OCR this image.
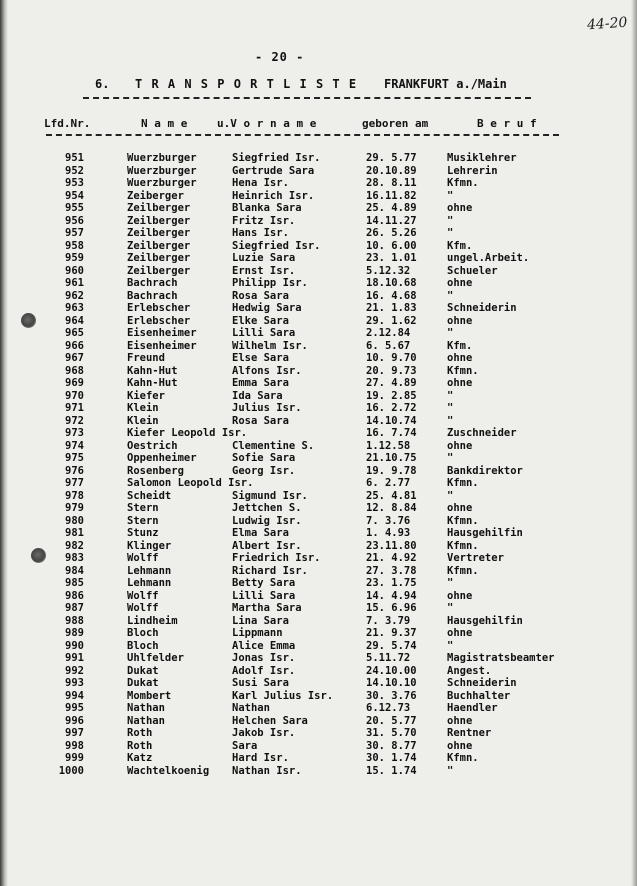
44-20
- 20 -
6. T R A N S P O R T L I S T E FRANKFURT a./Main
Lfd.Nr.	N a m e	u.V o r n a m e	geboren am	B e r u f
951	Wuerzburger	Siegfried Isr.	29. 5.77	Musiklehrer
952	Wuerzburger	Gertrude Sara	20.10.89	Lehrerin
953	Wuerzburger	Hena Isr.	28. 8.11	Kfmn.
954	Zeiberger	Heinrich Isr.	16.11.82	"
955	Zeilberger	Blanka Sara	25. 4.89	ohne
956	Zeilberger	Fritz Isr.	14.11.27	"
957	Zeilberger	Hans Isr.	26. 5.26	"
958	Zeilberger	Siegfried Isr.	10. 6.00	Kfm.
959	Zeilberger	Luzie Sara	23. 1.01	ungel.Arbeit.
960	Zeilberger	Ernst Isr.	5.12.32	Schueler
961	Bachrach	Philipp Isr.	18.10.68	ohne
962	Bachrach	Rosa Sara	16. 4.68	"
963	Erlebscher	Hedwig Sara	21. 1.83	Schneiderin
964	Erlebscher	Elke Sara	29. 1.62	ohne
965	Eisenheimer	Lilli Sara	2.12.84	"
966	Eisenheimer	Wilhelm Isr.	6. 5.67	Kfm.
967	Freund	Else Sara	10. 9.70	ohne
968	Kahn-Hut	Alfons Isr.	20. 9.73	Kfmn.
969	Kahn-Hut	Emma Sara	27. 4.89	ohne
970	Kiefer	Ida Sara	19. 2.85	"
971	Klein	Julius Isr.	16. 2.72	"
972	Klein	Rosa Sara	14.10.74	"
973	Kiefer Leopold Isr.	16. 7.74	Zuschneider
974	Oestrich	Clementine S.	1.12.58	ohne
975	Oppenheimer	Sofie Sara	21.10.75	"
976	Rosenberg	Georg Isr.	19. 9.78	Bankdirektor
977	Salomon Leopold Isr.	6. 2.77	Kfmn.
978	Scheidt	Sigmund Isr.	25. 4.81	"
979	Stern	Jettchen S.	12. 8.84	ohne
980	Stern	Ludwig Isr.	7. 3.76	Kfmn.
981	Stunz	Elma Sara	1. 4.93	Hausgehilfin
982	Klinger	Albert Isr.	23.11.80	Kfmn.
983	Wolff	Friedrich Isr.	21. 4.92	Vertreter
984	Lehmann	Richard Isr.	27. 3.78	Kfmn.
985	Lehmann	Betty Sara	23. 1.75	"
986	Wolff	Lilli Sara	14. 4.94	ohne
987	Wolff	Martha Sara	15. 6.96	"
988	Lindheim	Lina Sara	7. 3.79	Hausgehilfin
989	Bloch	Lippmann	21. 9.37	ohne
990	Bloch	Alice Emma	29. 5.74	"
991	Uhlfelder	Jonas Isr.	5.11.72	Magistratsbeamter
992	Dukat	Adolf Isr.	24.10.00	Angest.
993	Dukat	Susi Sara	14.10.10	Schneiderin
994	Mombert	Karl Julius Isr.	30. 3.76	Buchhalter
995	Nathan	Nathan	6.12.73	Haendler
996	Nathan	Helchen Sara	20. 5.77	ohne
997	Roth	Jakob Isr.	31. 5.70	Rentner
998	Roth	Sara	30. 8.77	ohne
999	Katz	Hard Isr.	30. 1.74	Kfmn.
1000	Wachtelkoenig Nathan Isr.	15. 1.74	"
